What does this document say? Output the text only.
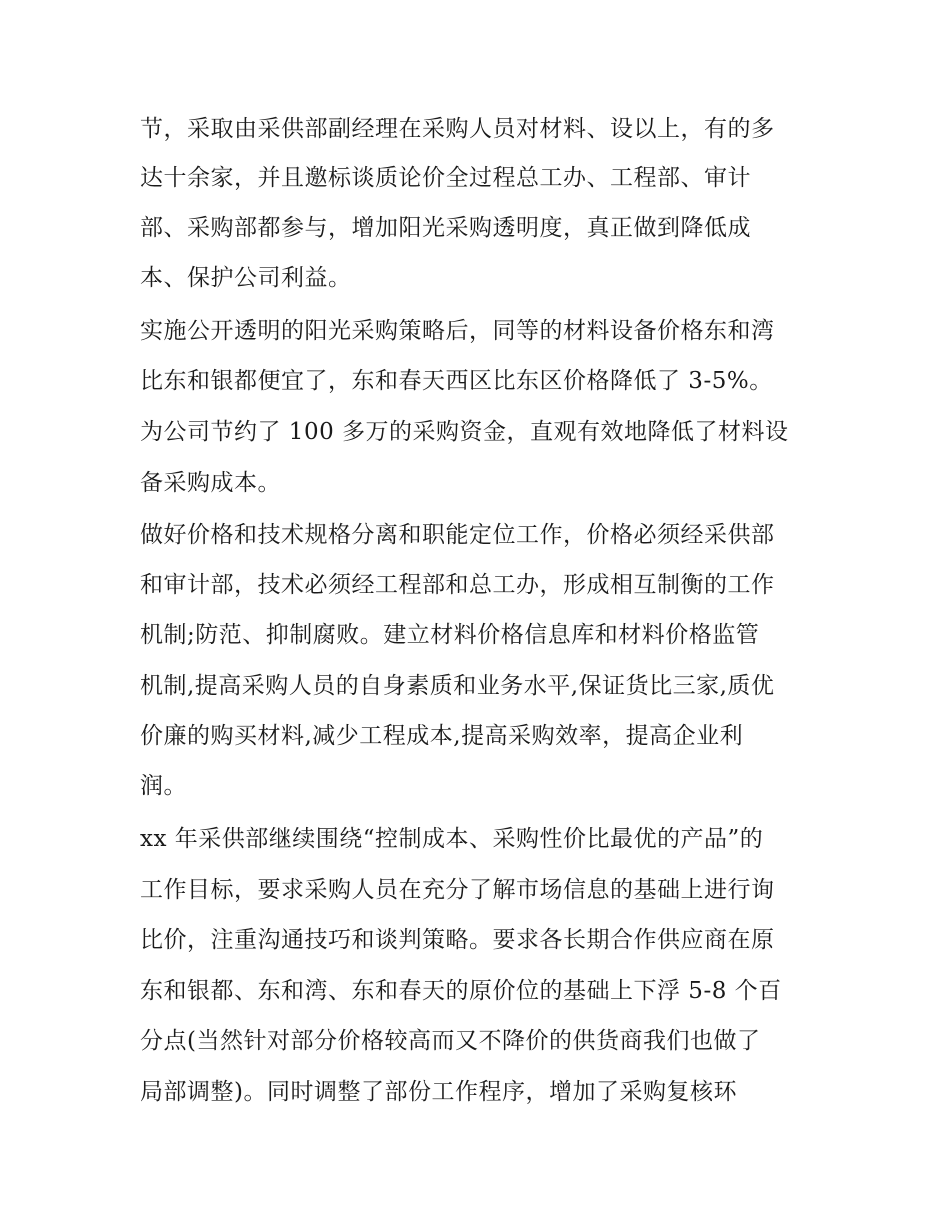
节，采取由采供部副经理在采购人员对材料、设以上，有的多
达十余家，并且邀标谈质论价全过程总工办、工程部、审计
部、采购部都参与，增加阳光采购透明度，真正做到降低成
本、保护公司利益。
实施公开透明的阳光采购策略后，同等的材料设备价格东和湾
比东和银都便宜了，东和春天西区比东区价格降低了 3-5%。
为公司节约了 100 多万的采购资金，直观有效地降低了材料设
备采购成本。
做好价格和技术规格分离和职能定位工作，价格必须经采供部
和审计部，技术必须经工程部和总工办，形成相互制衡的工作
机制;防范、抑制腐败。建立材料价格信息库和材料价格监管
机制,提高采购人员的自身素质和业务水平,保证货比三家,质优
价廉的购买材料,减少工程成本,提高采购效率，提高企业利
润。
xx 年采供部继续围绕“控制成本、采购性价比最优的产品”的
工作目标，要求采购人员在充分了解市场信息的基础上进行询
比价，注重沟通技巧和谈判策略。要求各长期合作供应商在原
东和银都、东和湾、东和春天的原价位的基础上下浮 5-8 个百
分点(当然针对部分价格较高而又不降价的供货商我们也做了
局部调整)。同时调整了部份工作程序，增加了采购复核环
